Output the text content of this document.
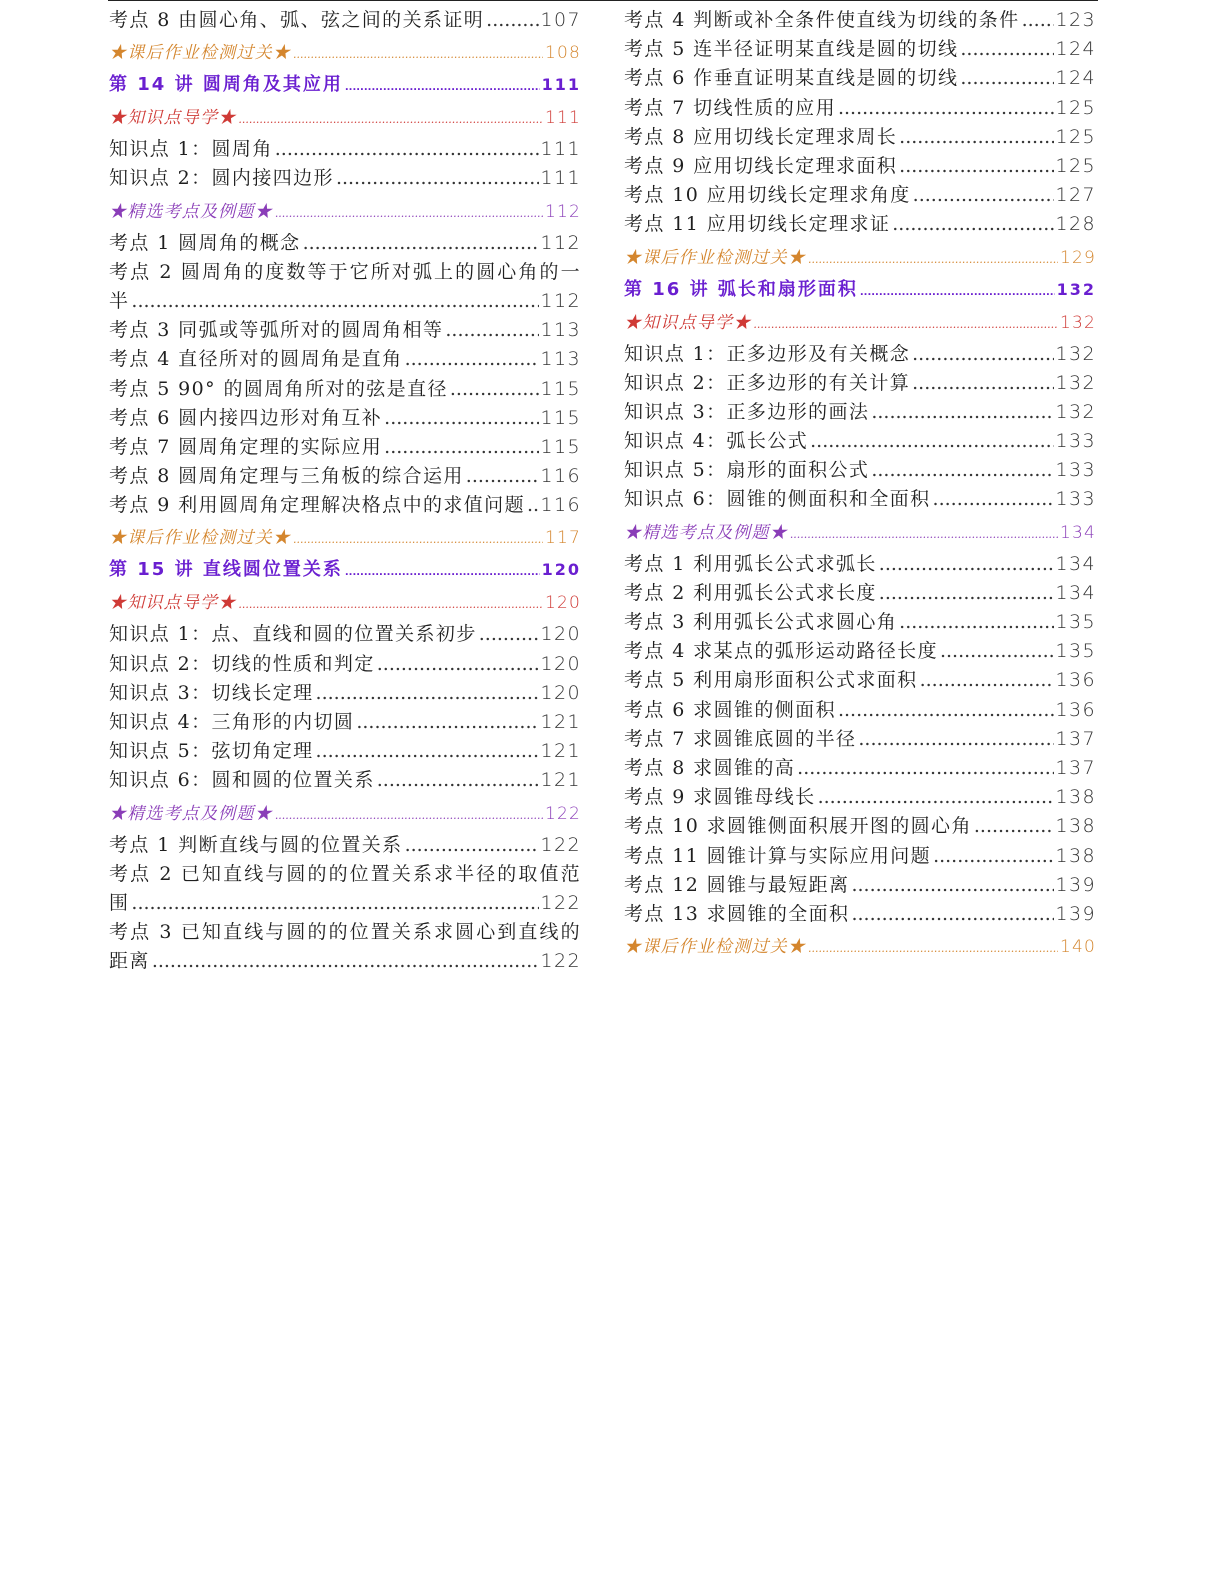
考点 8 由圆心角、弧、弦之间的关系证明 .....	107
★课后作业检测过关★ .....	108
第 14 讲 圆周角及其应用 .....	111
★知识点导学★ .....	111
知识点 1：圆周角 .....	111
知识点 2：圆内接四边形 .....	111
★精选考点及例题★ .....	112
考点 1 圆周角的概念 .....	112
考点 2 圆周角的度数等于它所对弧上的圆心角的一
半 .....	112
考点 3 同弧或等弧所对的圆周角相等 .....	113
考点 4 直径所对的圆周角是直角 .....	113
考点 5 90° 的圆周角所对的弦是直径 .....	115
考点 6 圆内接四边形对角互补 .....	115
考点 7 圆周角定理的实际应用 .....	115
考点 8 圆周角定理与三角板的综合运用 .....	116
考点 9 利用圆周角定理解决格点中的求值问题 ..... 116
★课后作业检测过关★ .....	117
第 15 讲 直线圆位置关系 .....	120
★知识点导学★ .....	120
知识点 1：点、直线和圆的位置关系初步 .....	120
知识点 2：切线的性质和判定 .....	120
知识点 3：切线长定理 .....	120
知识点 4：三角形的内切圆 .....	121
知识点 5：弦切角定理 .....	121
知识点 6：圆和圆的位置关系 .....	121
★精选考点及例题★ .....	122
考点 1 判断直线与圆的位置关系 .....	122
考点 2 已知直线与圆的的位置关系求半径的取值范
围 .....	122
考点 3 已知直线与圆的的位置关系求圆心到直线的
距离 .....	122
考点 4 判断或补全条件使直线为切线的条件 ..... 123
考点 5 连半径证明某直线是圆的切线 .....	124
考点 6 作垂直证明某直线是圆的切线 .....	124
考点 7 切线性质的应用 .....	125
考点 8 应用切线长定理求周长 .....	125
考点 9 应用切线长定理求面积 .....	125
考点 10 应用切线长定理求角度 .....	127
考点 11 应用切线长定理求证 .....	128
★课后作业检测过关★ .....	129
第 16 讲 弧长和扇形面积 .....	132
★知识点导学★ .....	132
知识点 1：正多边形及有关概念 .....	132
知识点 2：正多边形的有关计算 .....	132
知识点 3：正多边形的画法 .....	132
知识点 4：弧长公式 .....	133
知识点 5：扇形的面积公式 .....	133
知识点 6：圆锥的侧面积和全面积 .....	133
★精选考点及例题★ .....	134
考点 1 利用弧长公式求弧长 .....	134
考点 2 利用弧长公式求长度 .....	134
考点 3 利用弧长公式求圆心角 .....	135
考点 4 求某点的弧形运动路径长度 .....	135
考点 5 利用扇形面积公式求面积 .....	136
考点 6 求圆锥的侧面积 .....	136
考点 7 求圆锥底圆的半径 .....	137
考点 8 求圆锥的高 .....	137
考点 9 求圆锥母线长 .....	138
考点 10 求圆锥侧面积展开图的圆心角 .....	138
考点 11 圆锥计算与实际应用问题 .....	138
考点 12 圆锥与最短距离 .....	139
考点 13 求圆锥的全面积 .....	139
★课后作业检测过关★ .....	140
